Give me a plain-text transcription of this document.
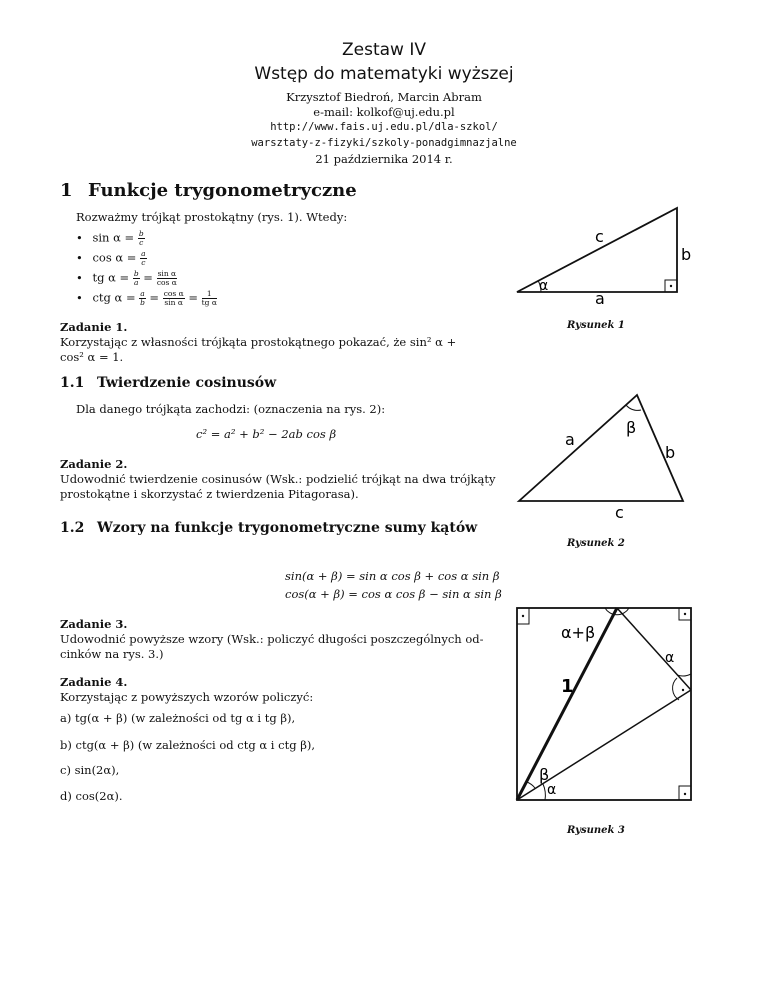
Zestaw IV
Wstęp do matematyki wyższej
Krzysztof Biedroń, Marcin Abram
e-mail: kolkof@uj.edu.pl
http://www.fais.uj.edu.pl/dla-szkol/
warsztaty-z-fizyki/szkoly-ponadgimnazjalne
21 października 2014 r.
1 Funkcje trygonometryczne
Rozważmy trójkąt prostokątny (rys. 1). Wtedy:
• $\sin \alpha = \frac{b}{c}$
• $\cos \alpha = \frac{a}{c}$
• tg $\alpha = \frac{b}{a} = \frac{\text{sin α}}{\text{cos α}}$
• ctg $\alpha = \frac{a}{b} = \frac{\text{cos α}}{\text{sin α}} = \frac{1}{\text{tg α}}$
Zadanie 1.
Korzystając z własności trójkąta prostokątnego pokazać, że sin² α +
cos² α = 1.
c
b
a
α
Rysunek 1
1.1 Twierdzenie cosinusów
Dla danego trójkąta zachodzi: (oznaczenia na rys. 2):
c² = a² + b² − 2ab cos β
Zadanie 2.
Udowodnić twierdzenie cosinusów (Wsk.: podzielić trójkąt na dwa trójkąty
prostokątne i skorzystać z twierdzenia Pitagorasa).
β
a
b
c
Rysunek 2
1.2 Wzory na funkcje trygonometryczne sumy kątów
sin(α + β) = sin α cos β + cos α sin β
cos(α + β) = cos α cos β − sin α sin β
Zadanie 3.
Udowodnić powyższe wzory (Wsk.: policzyć długości poszczególnych od-
cinków na rys. 3.)
Zadanie 4.
Korzystając z powyższych wzorów policzyć:
a) tg(α + β) (w zależności od tg α i tg β),
b) ctg(α + β) (w zależności od ctg α i ctg β),
c) sin(2α),
d) cos(2α).
α+β
α
1
β
α
Rysunek 3
